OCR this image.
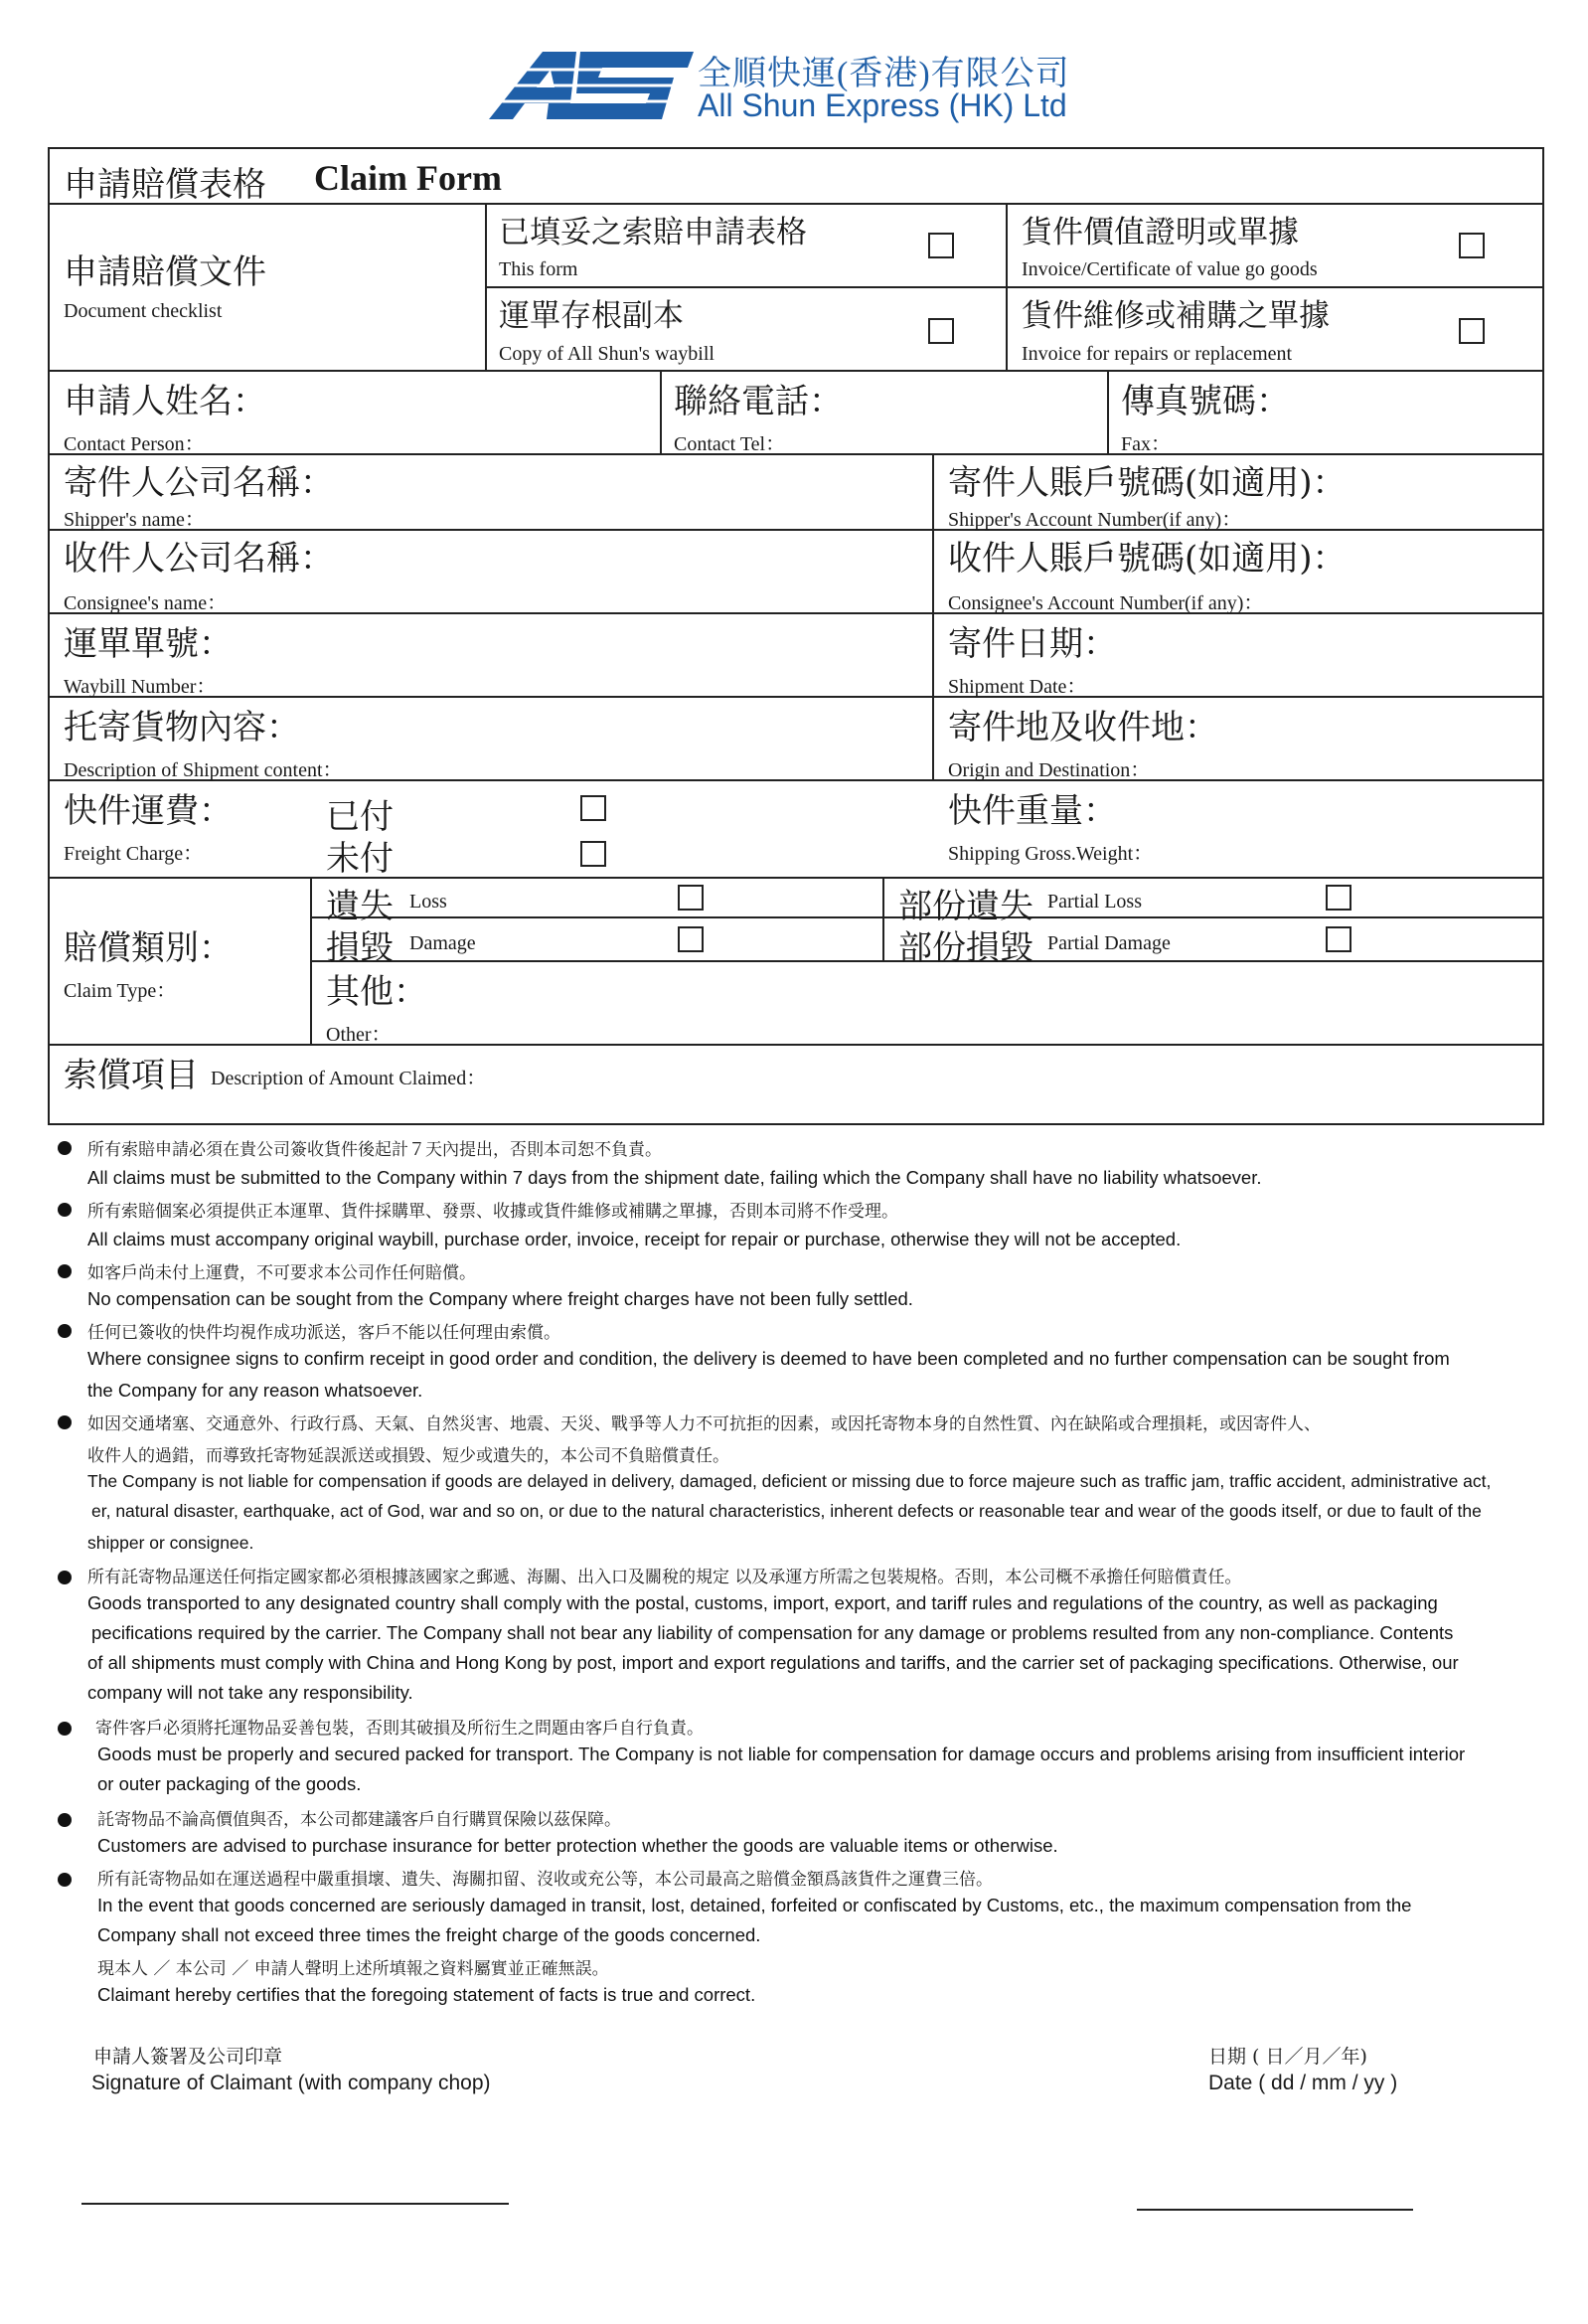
全順快運(香港)有限公司
All Shun Express (HK) Ltd
申請賠償表格 Claim Form
申請賠償文件
Document checklist
已填妥之索賠申請表格
This form
貨件價值證明或單據
Invoice/Certificate of value go goods
運單存根副本
Copy of All Shun's waybill
貨件維修或補購之單據
Invoice for repairs or replacement
申請人姓名：
Contact Person：
聯絡電話：
Contact Tel：
傳真號碼：
Fax：
寄件人公司名稱：
Shipper's name：
寄件人賬戶號碼(如適用)：
Shipper's Account Number(if any)：
收件人公司名稱：
Consignee's name：
收件人賬戶號碼(如適用)：
Consignee's Account Number(if any)：
運單單號：
Waybill Number：
寄件日期：
Shipment Date：
托寄貨物內容：
Description of Shipment content：
寄件地及收件地：
Origin and Destination：
快件運費：
Freight Charge：
已付
未付
快件重量：
Shipping Gross.Weight：
賠償類別：
Claim Type：
遺失 Loss	部份遺失 Partial Loss
損毀 Damage	部份損毀 Partial Damage
其他：
Other：
索償項目 Description of Amount Claimed：
所有索賠申請必須在貴公司簽收貨件後起計７天內提出，否則本司恕不負責。
All claims must be submitted to the Company within 7 days from the shipment date, failing which the Company shall have no liability whatsoever.
所有索賠個案必須提供正本運單、貨件採購單、發票、收據或貨件維修或補購之單據，否則本司將不作受理。
All claims must accompany original waybill, purchase order, invoice, receipt for repair or purchase, otherwise they will not be accepted.
如客戶尚未付上運費，不可要求本公司作任何賠償。
No compensation can be sought from the Company where freight charges have not been fully settled.
任何已簽收的快件均視作成功派送，客戶不能以任何理由索償。
Where consignee signs to confirm receipt in good order and condition, the delivery is deemed to have been completed and no further compensation can be sought from
the Company for any reason whatsoever.
如因交通堵塞、交通意外、行政行爲、天氣、自然災害、地震、天災、戰爭等人力不可抗拒的因素，或因托寄物本身的自然性質、內在缺陷或合理損耗，或因寄件人、
收件人的過錯，而導致托寄物延誤派送或損毀、短少或遺失的，本公司不負賠償責任。
The Company is not liable for compensation if goods are delayed in delivery, damaged, deficient or missing due to force majeure such as traffic jam, traffic accident, administrative act,
er, natural disaster, earthquake, act of God, war and so on, or due to the natural characteristics, inherent defects or reasonable tear and wear of the goods itself, or due to fault of the
shipper or consignee.
所有託寄物品運送任何指定國家都必須根據該國家之郵遞、海關、出入口及關稅的規定 以及承運方所需之包裝規格。否則，本公司概不承擔任何賠償責任。
Goods transported to any designated country shall comply with the postal, customs, import, export, and tariff rules and regulations of the country, as well as packaging
pecifications required by the carrier. The Company shall not bear any liability of compensation for any damage or problems resulted from any non-compliance. Contents
of all shipments must comply with China and Hong Kong by post, import and export regulations and tariffs, and the carrier set of packaging specifications. Otherwise, our
company will not take any responsibility.
寄件客戶必須將托運物品妥善包裝，否則其破損及所衍生之問題由客戶自行負責。
Goods must be properly and secured packed for transport. The Company is not liable for compensation for damage occurs and problems arising from insufficient interior
or outer packaging of the goods.
託寄物品不論高價值與否，本公司都建議客戶自行購買保險以茲保障。
Customers are advised to purchase insurance for better protection whether the goods are valuable items or otherwise.
所有託寄物品如在運送過程中嚴重損壞、遺失、海關扣留、沒收或充公等，本公司最高之賠償金額爲該貨件之運費三倍。
In the event that goods concerned are seriously damaged in transit, lost, detained, forfeited or confiscated by Customs, etc., the maximum compensation from the
Company shall not exceed three times the freight charge of the goods concerned.
現本人 ／ 本公司 ／ 申請人聲明上述所填報之資料屬實並正確無誤。
Claimant hereby certifies that the foregoing statement of facts is true and correct.
申請人簽署及公司印章
Signature of Claimant (with company chop)
日期 ( 日／月／年)
Date ( dd / mm / yy )
